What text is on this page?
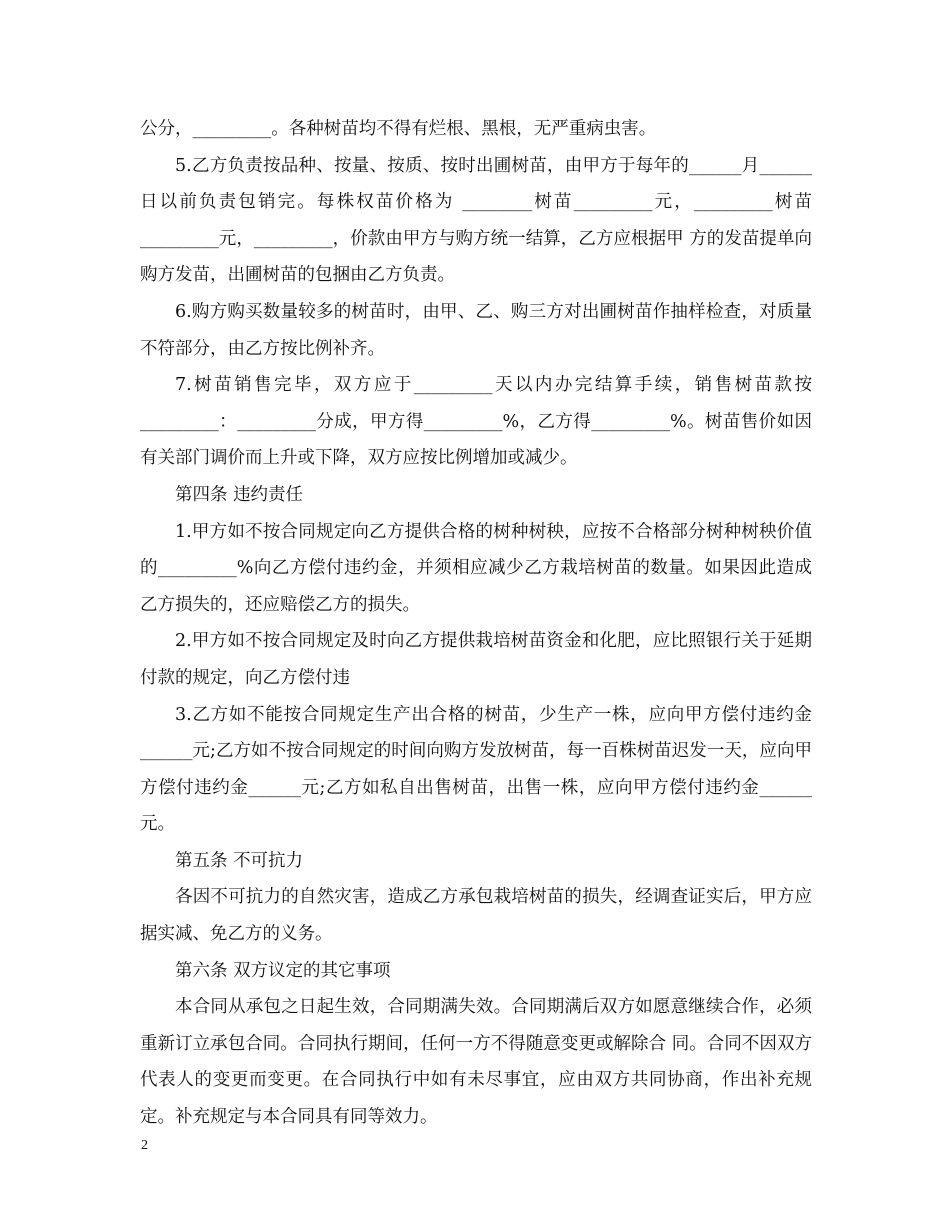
公分，_________。各种树苗均不得有烂根、黑根，无严重病虫害。

5.乙方负责按品种、按量、按质、按时出圃树苗，由甲方于每年的______月______日以前负责包销完。每株权苗价格为 ________树苗_________元，_________树苗_________元，_________，价款由甲方与购方统一结算，乙方应根据甲 方的发苗提单向购方发苗，出圃树苗的包捆由乙方负责。

6.购方购买数量较多的树苗时，由甲、乙、购三方对出圃树苗作抽样检查，对质量不符部分，由乙方按比例补齐。

7.树苗销售完毕，双方应于_________天以内办完结算手续，销售树苗款按_________：_________分成，甲方得_________%，乙方得_________%。树苗售价如因有关部门调价而上升或下降，双方应按比例增加或减少。

第四条 违约责任

1.甲方如不按合同规定向乙方提供合格的树种树秧，应按不合格部分树种树秧价值的_________%向乙方偿付违约金，并须相应减少乙方栽培树苗的数量。如果因此造成乙方损失的，还应赔偿乙方的损失。

2.甲方如不按合同规定及时向乙方提供栽培树苗资金和化肥，应比照银行关于延期付款的规定，向乙方偿付违

3.乙方如不能按合同规定生产出合格的树苗，少生产一株，应向甲方偿付违约金______元;乙方如不按合同规定的时间向购方发放树苗，每一百株树苗迟发一天，应向甲方偿付违约金______元;乙方如私自出售树苗，出售一株，应向甲方偿付违约金______元。

第五条 不可抗力

各因不可抗力的自然灾害，造成乙方承包栽培树苗的损失，经调查证实后，甲方应据实减、免乙方的义务。

第六条 双方议定的其它事项

本合同从承包之日起生效，合同期满失效。合同期满后双方如愿意继续合作，必须重新订立承包合同。合同执行期间，任何一方不得随意变更或解除合 同。合同不因双方代表人的变更而变更。在合同执行中如有未尽事宜，应由双方共同协商，作出补充规定。补充规定与本合同具有同等效力。

2
